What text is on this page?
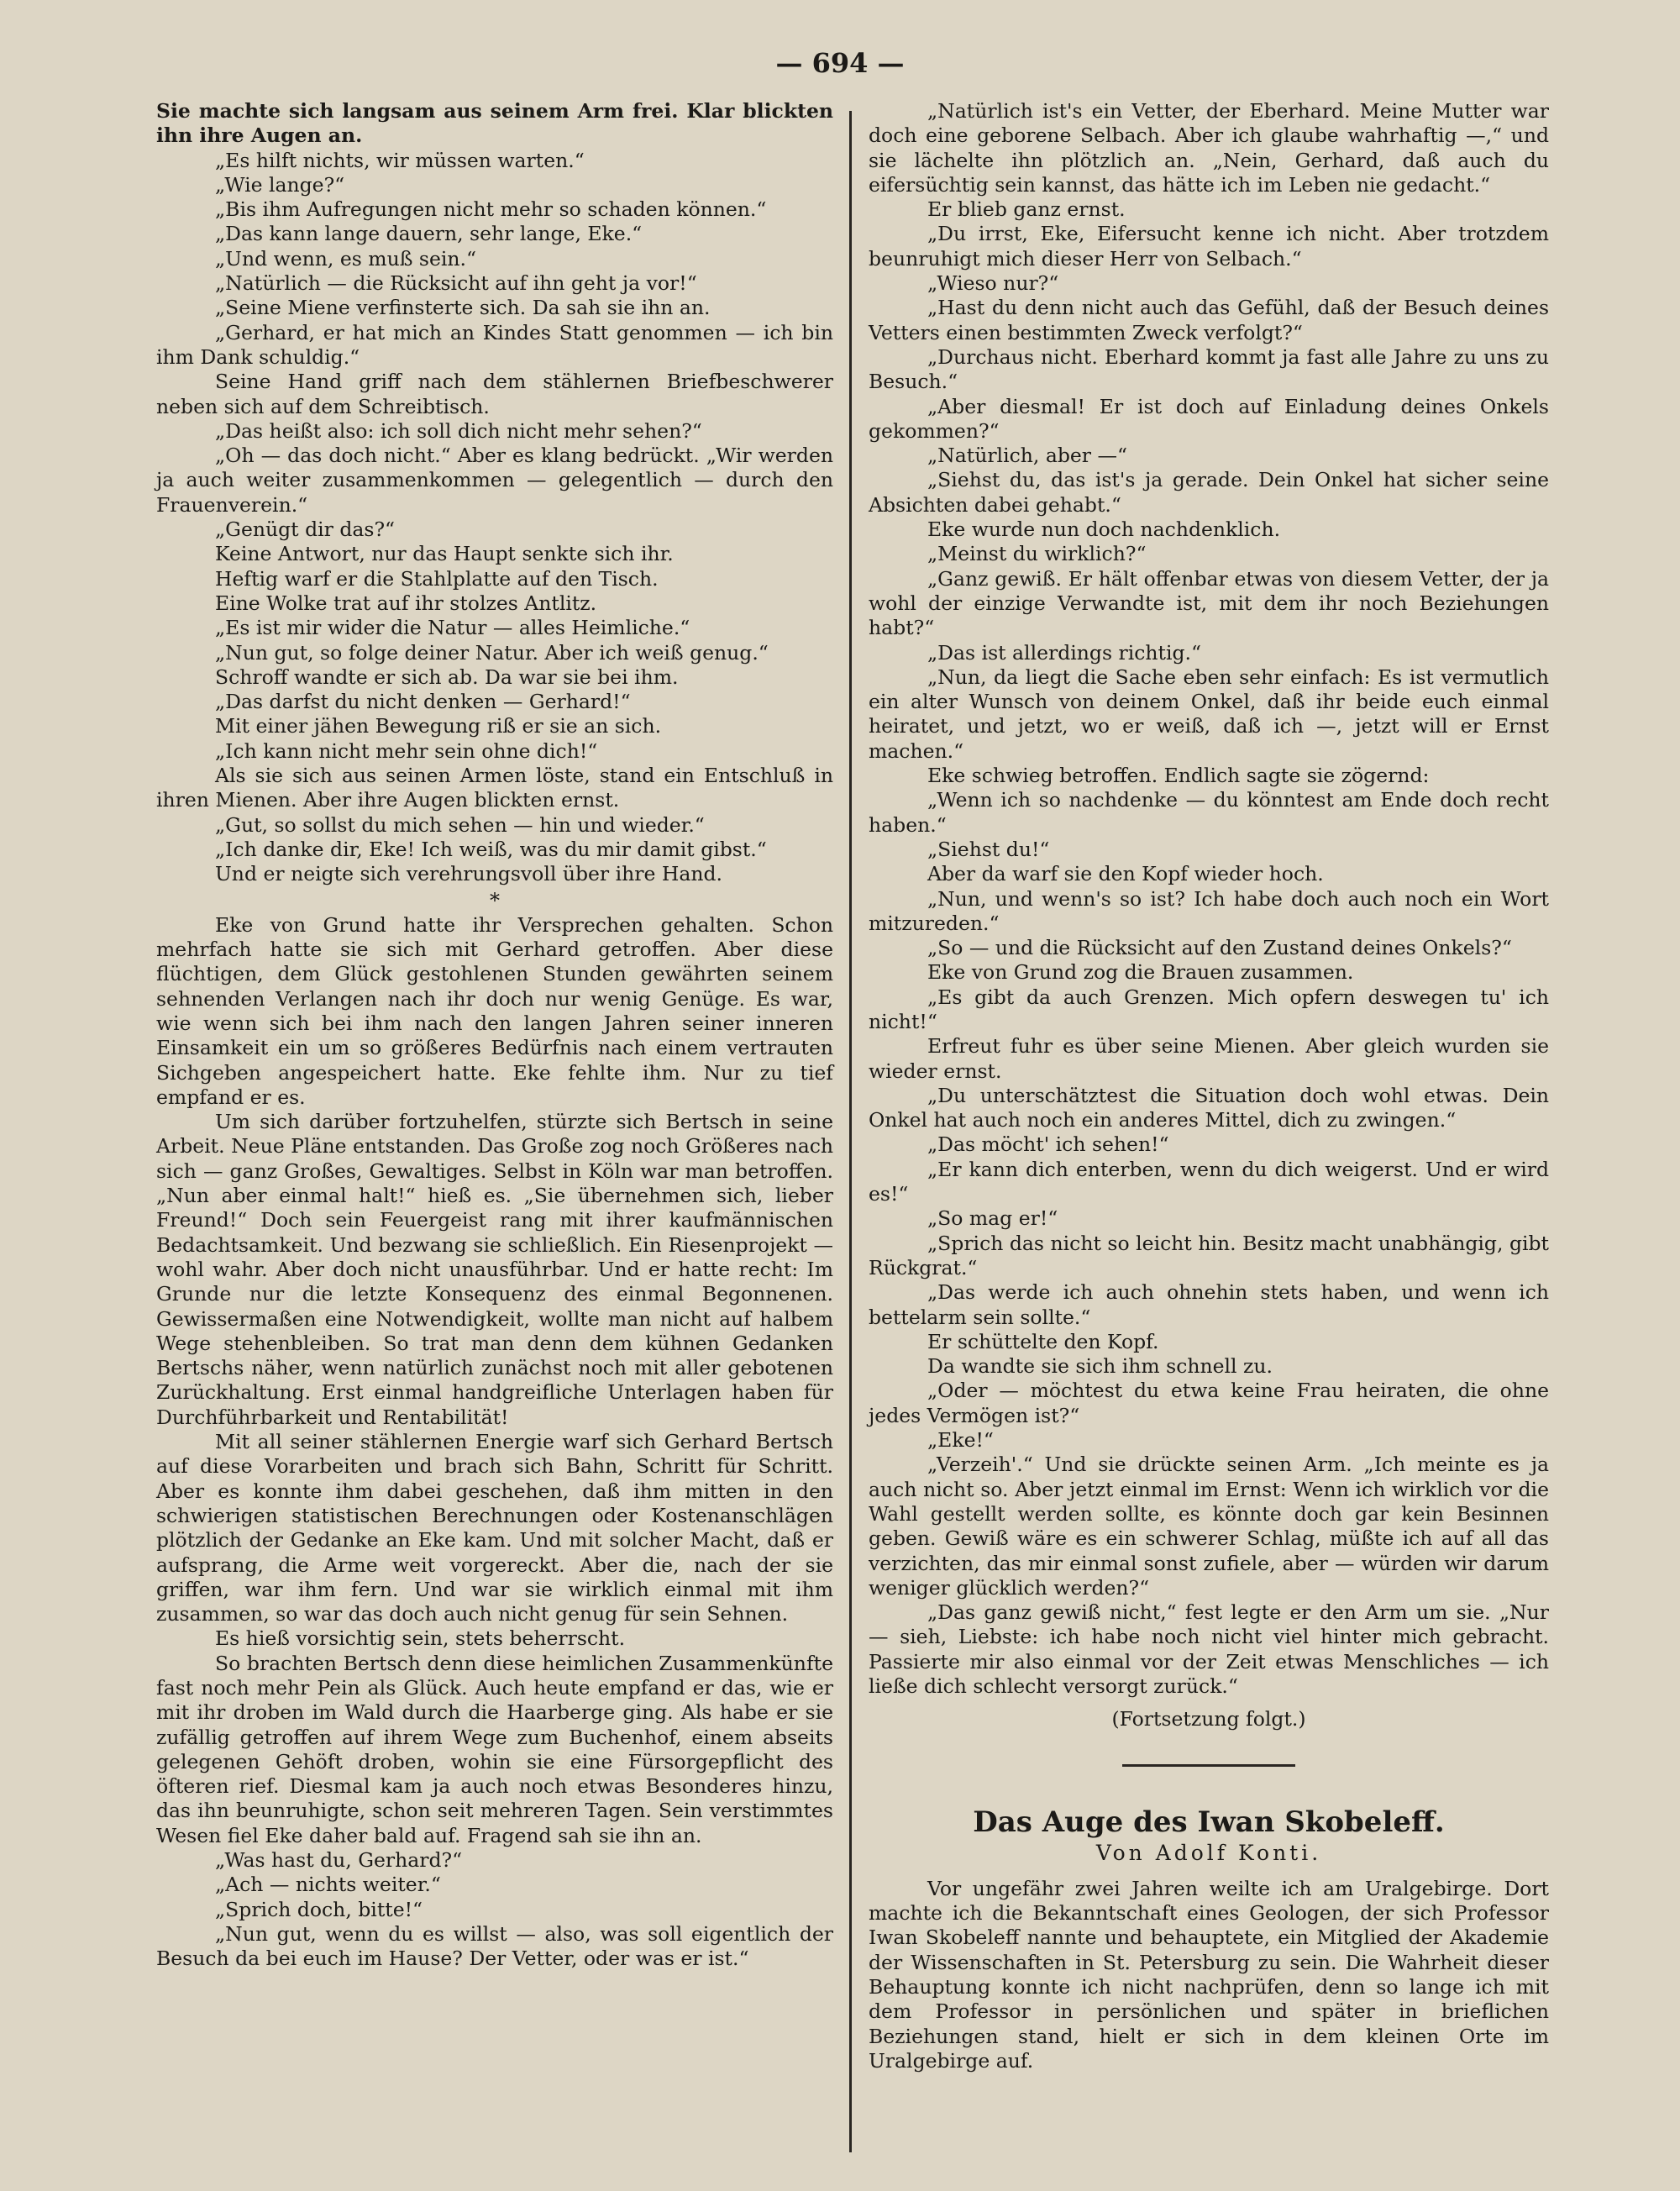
— 694 —

Sie machte sich langsam aus seinem Arm frei. Klar blickten ihn ihre Augen an.

„Es hilft nichts, wir müssen warten.“

„Wie lange?“

„Bis ihm Aufregungen nicht mehr so schaden können.“

„Das kann lange dauern, sehr lange, Eke.“

„Und wenn, es muß sein.“

„Natürlich — die Rücksicht auf ihn geht ja vor!“

„Seine Miene verfinsterte sich. Da sah sie ihn an.

„Gerhard, er hat mich an Kindes Statt genommen — ich bin ihm Dank schuldig.“

Seine Hand griff nach dem stählernen Briefbeschwerer neben sich auf dem Schreibtisch.

„Das heißt also: ich soll dich nicht mehr sehen?“

„Oh — das doch nicht.“ Aber es klang bedrückt. „Wir werden ja auch weiter zusammenkommen — gelegentlich — durch den Frauenverein.“

„Genügt dir das?“

Keine Antwort, nur das Haupt senkte sich ihr.

Heftig warf er die Stahlplatte auf den Tisch.

Eine Wolke trat auf ihr stolzes Antlitz.

„Es ist mir wider die Natur — alles Heimliche.“

„Nun gut, so folge deiner Natur. Aber ich weiß genug.“

Schroff wandte er sich ab. Da war sie bei ihm.

„Das darfst du nicht denken — Gerhard!“

Mit einer jähen Bewegung riß er sie an sich.

„Ich kann nicht mehr sein ohne dich!“

Als sie sich aus seinen Armen löste, stand ein Entschluß in ihren Mienen. Aber ihre Augen blickten ernst.

„Gut, so sollst du mich sehen — hin und wieder.“

„Ich danke dir, Eke! Ich weiß, was du mir damit gibst.“

Und er neigte sich verehrungsvoll über ihre Hand.

*

Eke von Grund hatte ihr Versprechen gehalten. Schon mehrfach hatte sie sich mit Gerhard getroffen. Aber diese flüchtigen, dem Glück gestohlenen Stunden gewährten seinem sehnenden Verlangen nach ihr doch nur wenig Genüge. Es war, wie wenn sich bei ihm nach den langen Jahren seiner inneren Einsamkeit ein um so größeres Bedürfnis nach einem vertrauten Sichgeben angespeichert hatte. Eke fehlte ihm. Nur zu tief empfand er es.

Um sich darüber fortzuhelfen, stürzte sich Bertsch in seine Arbeit. Neue Pläne entstanden. Das Große zog noch Größeres nach sich — ganz Großes, Gewaltiges. Selbst in Köln war man betroffen. „Nun aber einmal halt!“ hieß es. „Sie übernehmen sich, lieber Freund!“ Doch sein Feuergeist rang mit ihrer kaufmännischen Bedachtsamkeit. Und bezwang sie schließlich. Ein Riesenprojekt — wohl wahr. Aber doch nicht unausführbar. Und er hatte recht: Im Grunde nur die letzte Konsequenz des einmal Begonnenen. Gewissermaßen eine Notwendigkeit, wollte man nicht auf halbem Wege stehenbleiben. So trat man denn dem kühnen Gedanken Bertschs näher, wenn natürlich zunächst noch mit aller gebotenen Zurückhaltung. Erst einmal handgreifliche Unterlagen haben für Durchführbarkeit und Rentabilität!

Mit all seiner stählernen Energie warf sich Gerhard Bertsch auf diese Vorarbeiten und brach sich Bahn, Schritt für Schritt. Aber es konnte ihm dabei geschehen, daß ihm mitten in den schwierigen statistischen Berechnungen oder Kostenanschlägen plötzlich der Gedanke an Eke kam. Und mit solcher Macht, daß er aufsprang, die Arme weit vorgereckt. Aber die, nach der sie griffen, war ihm fern. Und war sie wirklich einmal mit ihm zusammen, so war das doch auch nicht genug für sein Sehnen.

Es hieß vorsichtig sein, stets beherrscht.

So brachten Bertsch denn diese heimlichen Zusammenkünfte fast noch mehr Pein als Glück. Auch heute empfand er das, wie er mit ihr droben im Wald durch die Haarberge ging. Als habe er sie zufällig getroffen auf ihrem Wege zum Buchenhof, einem abseits gelegenen Gehöft droben, wohin sie eine Fürsorgepflicht des öfteren rief. Diesmal kam ja auch noch etwas Besonderes hinzu, das ihn beunruhigte, schon seit mehreren Tagen. Sein verstimmtes Wesen fiel Eke daher bald auf. Fragend sah sie ihn an.

„Was hast du, Gerhard?“

„Ach — nichts weiter.“

„Sprich doch, bitte!“

„Nun gut, wenn du es willst — also, was soll eigentlich der Besuch da bei euch im Hause? Der Vetter, oder was er ist.“

„Natürlich ist's ein Vetter, der Eberhard. Meine Mutter war doch eine geborene Selbach. Aber ich glaube wahrhaftig —,“ und sie lächelte ihn plötzlich an. „Nein, Gerhard, daß auch du eifersüchtig sein kannst, das hätte ich im Leben nie gedacht.“

Er blieb ganz ernst.

„Du irrst, Eke, Eifersucht kenne ich nicht. Aber trotzdem beunruhigt mich dieser Herr von Selbach.“

„Wieso nur?“

„Hast du denn nicht auch das Gefühl, daß der Besuch deines Vetters einen bestimmten Zweck verfolgt?“

„Durchaus nicht. Eberhard kommt ja fast alle Jahre zu uns zu Besuch.“

„Aber diesmal! Er ist doch auf Einladung deines Onkels gekommen?“

„Natürlich, aber —“

„Siehst du, das ist's ja gerade. Dein Onkel hat sicher seine Absichten dabei gehabt.“

Eke wurde nun doch nachdenklich.

„Meinst du wirklich?“

„Ganz gewiß. Er hält offenbar etwas von diesem Vetter, der ja wohl der einzige Verwandte ist, mit dem ihr noch Beziehungen habt?“

„Das ist allerdings richtig.“

„Nun, da liegt die Sache eben sehr einfach: Es ist vermutlich ein alter Wunsch von deinem Onkel, daß ihr beide euch einmal heiratet, und jetzt, wo er weiß, daß ich —, jetzt will er Ernst machen.“

Eke schwieg betroffen. Endlich sagte sie zögernd:

„Wenn ich so nachdenke — du könntest am Ende doch recht haben.“

„Siehst du!“

Aber da warf sie den Kopf wieder hoch.

„Nun, und wenn's so ist? Ich habe doch auch noch ein Wort mitzureden.“

„So — und die Rücksicht auf den Zustand deines Onkels?“

Eke von Grund zog die Brauen zusammen.

„Es gibt da auch Grenzen. Mich opfern deswegen tu' ich nicht!“

Erfreut fuhr es über seine Mienen. Aber gleich wurden sie wieder ernst.

„Du unterschätztest die Situation doch wohl etwas. Dein Onkel hat auch noch ein anderes Mittel, dich zu zwingen.“

„Das möcht' ich sehen!“

„Er kann dich enterben, wenn du dich weigerst. Und er wird es!“

„So mag er!“

„Sprich das nicht so leicht hin. Besitz macht unabhängig, gibt Rückgrat.“

„Das werde ich auch ohnehin stets haben, und wenn ich bettelarm sein sollte.“

Er schüttelte den Kopf.

Da wandte sie sich ihm schnell zu.

„Oder — möchtest du etwa keine Frau heiraten, die ohne jedes Vermögen ist?“

„Eke!“

„Verzeih'.“ Und sie drückte seinen Arm. „Ich meinte es ja auch nicht so. Aber jetzt einmal im Ernst: Wenn ich wirklich vor die Wahl gestellt werden sollte, es könnte doch gar kein Besinnen geben. Gewiß wäre es ein schwerer Schlag, müßte ich auf all das verzichten, das mir einmal sonst zufiele, aber — würden wir darum weniger glücklich werden?“

„Das ganz gewiß nicht,“ fest legte er den Arm um sie. „Nur — sieh, Liebste: ich habe noch nicht viel hinter mich gebracht. Passierte mir also einmal vor der Zeit etwas Menschliches — ich ließe dich schlecht versorgt zurück.“

(Fortsetzung folgt.)

Das Auge des Iwan Skobeleff.
Von Adolf Konti.

Vor ungefähr zwei Jahren weilte ich am Uralgebirge. Dort machte ich die Bekanntschaft eines Geologen, der sich Professor Iwan Skobeleff nannte und behauptete, ein Mitglied der Akademie der Wissenschaften in St. Petersburg zu sein. Die Wahrheit dieser Behauptung konnte ich nicht nachprüfen, denn so lange ich mit dem Professor in persönlichen und später in brieflichen Beziehungen stand, hielt er sich in dem kleinen Orte im Uralgebirge auf.
